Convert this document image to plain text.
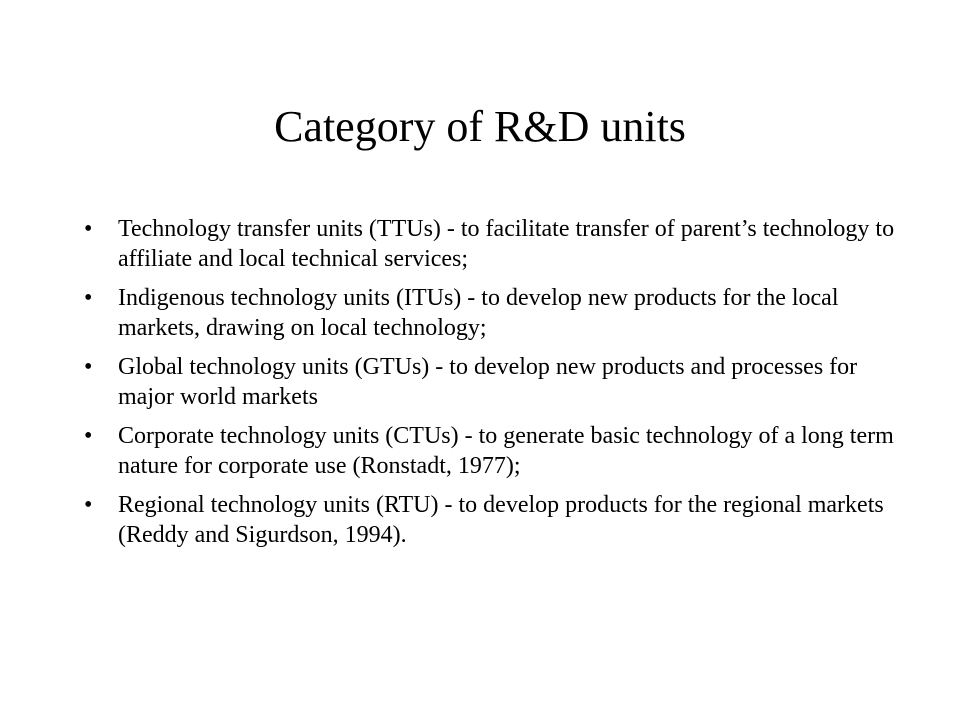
Category of R&D units
•	Technology transfer units (TTUs) - to facilitate transfer of parent’s technology to affiliate and local technical services;
•	Indigenous technology units (ITUs) - to develop new products for the local markets, drawing on local technology;
•	Global technology units (GTUs) - to develop new products and processes for major world markets
•	Corporate technology units (CTUs) - to generate basic technology of a long term nature for corporate use (Ronstadt, 1977);
•	Regional technology units (RTU) - to develop products for the regional markets (Reddy and Sigurdson, 1994).
